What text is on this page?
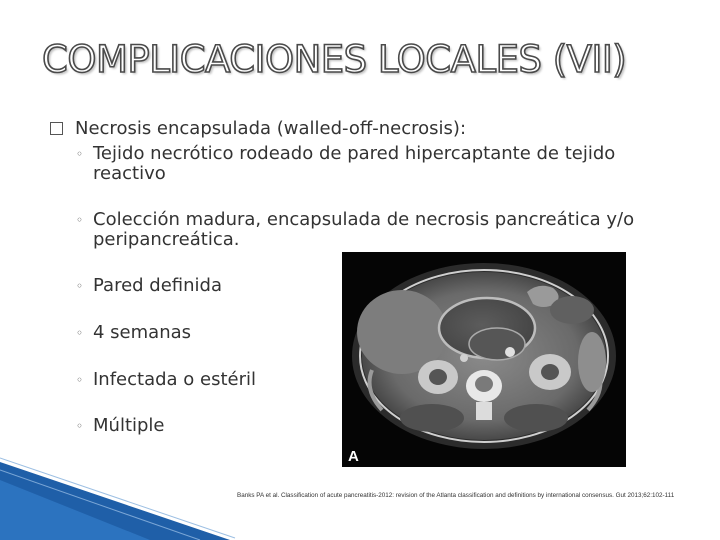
COMPLICACIONES LOCALES (VII)
Necrosis encapsulada (walled-off-necrosis):
◦ Tejido necrótico rodeado de pared hipercaptante de tejido reactivo
◦ Colección madura, encapsulada de necrosis pancreática y/o peripancreática.
◦ Pared definida
◦ 4 semanas
◦ Infectada o estéril
◦ Múltiple
A
Banks PA et al. Classification of acute pancreatitis-2012: revision of the Atlanta classification and definitions by international consensus. Gut 2013;62:102-111
